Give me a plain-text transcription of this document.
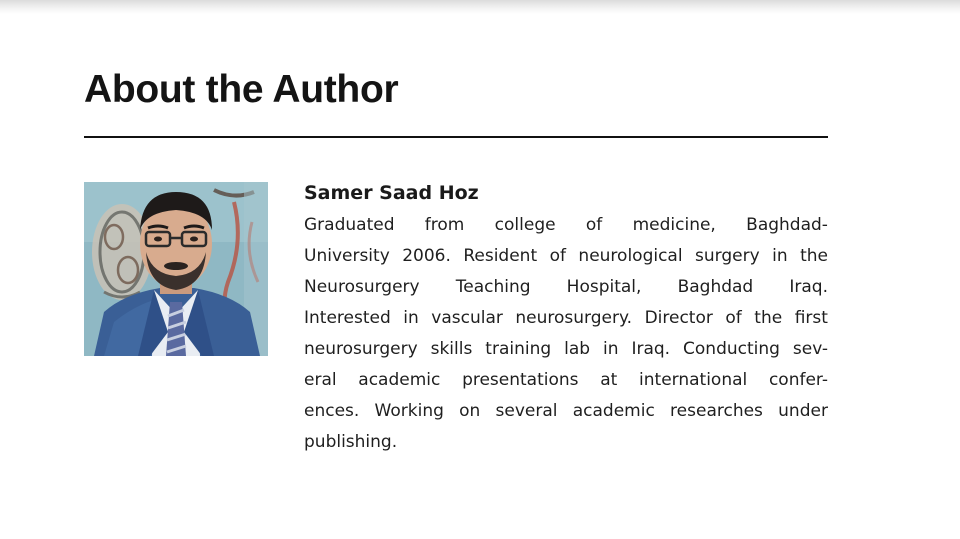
About the Author
Samer Saad Hoz
Graduated from college of medicine, Baghdad-
University 2006. Resident of neurological surgery in the
Neurosurgery Teaching Hospital, Baghdad Iraq.
Interested in vascular neurosurgery. Director of the first
neurosurgery skills training lab in Iraq. Conducting sev-
eral academic presentations at international confer-
ences. Working on several academic researches under
publishing.
